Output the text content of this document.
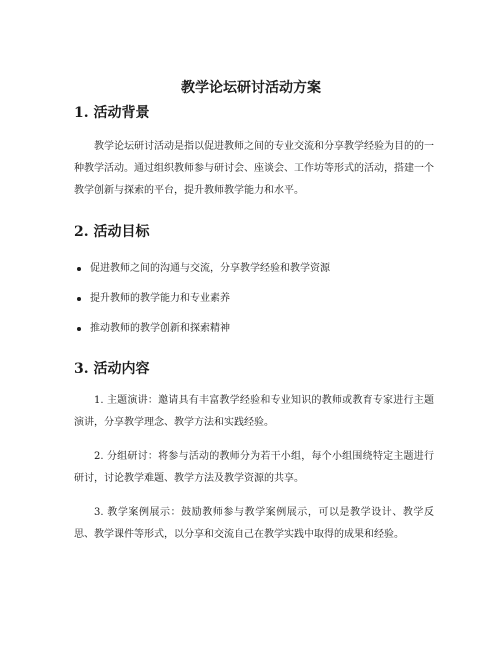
教学论坛研讨活动方案
1. 活动背景

教学论坛研讨活动是指以促进教师之间的专业交流和分享教学经验为目的的一种教学活动。通过组织教师参与研讨会、座谈会、工作坊等形式的活动，搭建一个教学创新与探索的平台，提升教师教学能力和水平。

2. 活动目标
促进教师之间的沟通与交流，分享教学经验和教学资源
提升教师的教学能力和专业素养
推动教师的教学创新和探索精神
3. 活动内容

1. 主题演讲：邀请具有丰富教学经验和专业知识的教师或教育专家进行主题演讲，分享教学理念、教学方法和实践经验。

2. 分组研讨：将参与活动的教师分为若干小组，每个小组围绕特定主题进行研讨，讨论教学难题、教学方法及教学资源的共享。

3. 教学案例展示：鼓励教师参与教学案例展示，可以是教学设计、教学反思、教学课件等形式，以分享和交流自己在教学实践中取得的成果和经验。
